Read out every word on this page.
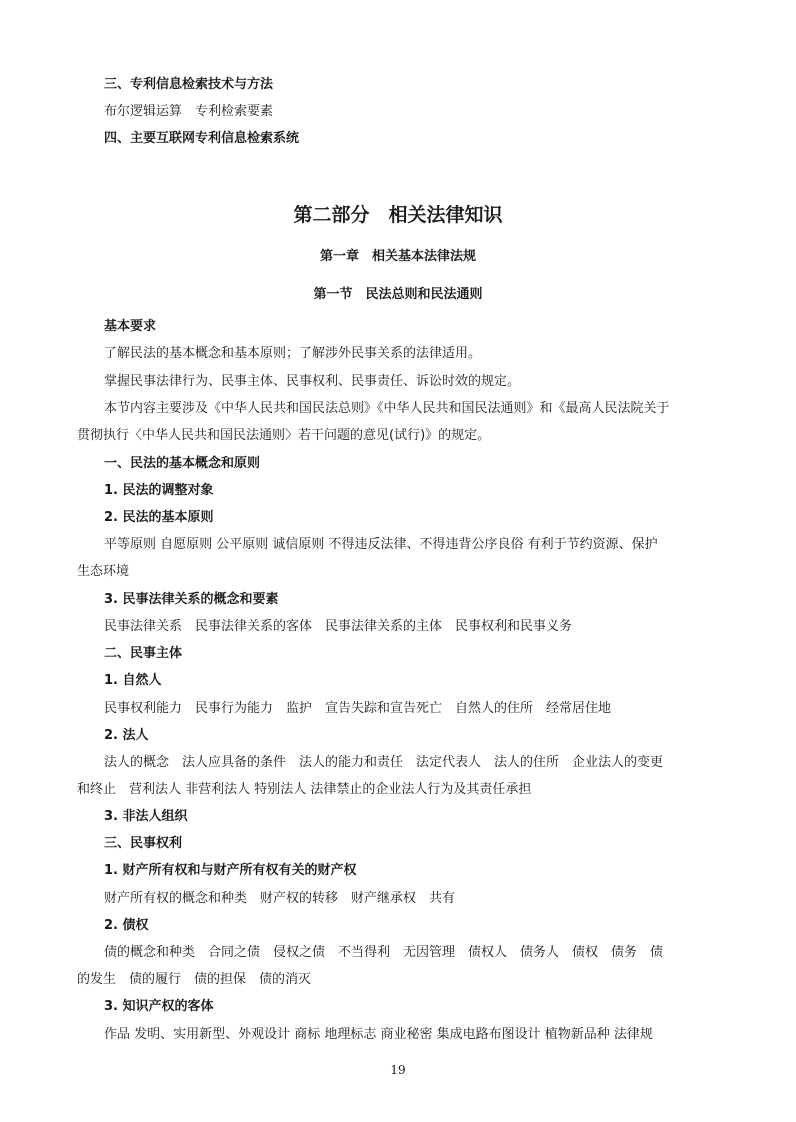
三、专利信息检索技术与方法
布尔逻辑运算　专利检索要素
四、主要互联网专利信息检索系统
第二部分　相关法律知识
第一章　相关基本法律法规
第一节　民法总则和民法通则
基本要求
了解民法的基本概念和基本原则；了解涉外民事关系的法律适用。
掌握民事法律行为、民事主体、民事权利、民事责任、诉讼时效的规定。
本节内容主要涉及《中华人民共和国民法总则》《中华人民共和国民法通则》和《最高人民法院关于
贯彻执行〈中华人民共和国民法通则〉若干问题的意见(试行)》的规定。
一、民法的基本概念和原则
1. 民法的调整对象
2. 民法的基本原则
平等原则 自愿原则 公平原则 诚信原则 不得违反法律、不得违背公序良俗 有利于节约资源、保护
生态环境
3. 民事法律关系的概念和要素
民事法律关系　民事法律关系的客体　民事法律关系的主体　民事权利和民事义务
二、民事主体
1. 自然人
民事权利能力　民事行为能力　监护　宣告失踪和宣告死亡　自然人的住所　经常居住地
2. 法人
法人的概念　法人应具备的条件　法人的能力和责任　法定代表人　法人的住所　企业法人的变更
和终止　营利法人 非营利法人 特别法人 法律禁止的企业法人行为及其责任承担
3. 非法人组织
三、民事权利
1. 财产所有权和与财产所有权有关的财产权
财产所有权的概念和种类　财产权的转移　财产继承权　共有
2. 债权
债的概念和种类　合同之债　侵权之债　不当得利　无因管理　债权人　债务人　债权　债务　债
的发生　债的履行　债的担保　债的消灭
3. 知识产权的客体
作品 发明、实用新型、外观设计 商标 地理标志 商业秘密 集成电路布图设计 植物新品种 法律规
19
